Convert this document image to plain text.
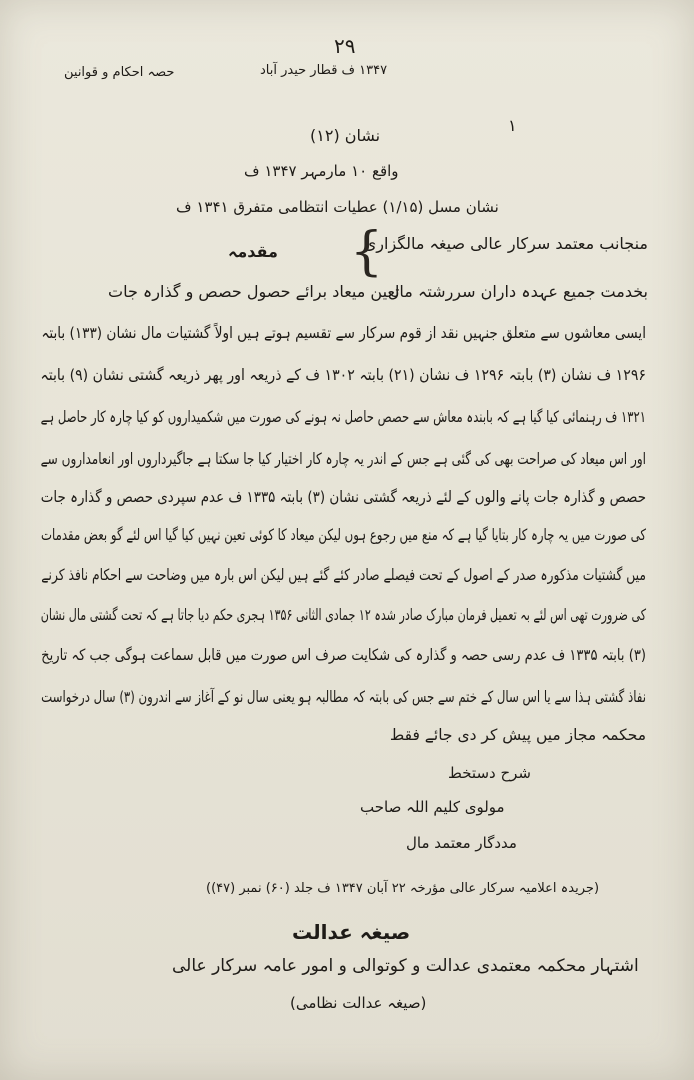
۲۹
حصہ احکام و قوانین	۱۳۴۷ ف قطار حیدر آباد
۱
نشان (۱۲)
واقع ۱۰ مارمہر ۱۳۴۷ ف
نشان مسل (۱/۱۵) عطیات انتظامی متفرق ۱۳۴۱ ف
منجانب معتمد سرکار عالی صیغہ مالگزاری
بخدمت جمیع عہدہ داران سررشتہ مال
}
مقدمہ
تعین میعاد برائے حصول حصص و گذارہ جات
ایسی معاشوں سے متعلق جنہیں نقد از قوم سرکار سے تقسیم ہوتے ہیں اولاً گشتیات مال نشان (۱۳۳) بابتہ
۱۲۹۶ ف نشان (۳) بابتہ ۱۲۹۶ ف نشان (۲۱) بابتہ ۱۳۰۲ ف کے ذریعہ اور پھر ذریعہ گشتی نشان (۹) بابتہ
۱۳۲۱ ف رہنمائی کیا گیا ہے کہ بابندہ معاش سے حصص حاصل نہ ہونے کی صورت میں شکمیداروں کو کیا چارہ کار حاصل ہے
اور اس میعاد کی صراحت بھی کی گئی ہے جس کے اندر یہ چارہ کار اختیار کیا جا سکتا ہے جاگیرداروں اور انعامداروں سے
حصص و گذارہ جات پانے والوں کے لئے ذریعہ گشتی نشان (۳) بابتہ ۱۳۳۵ ف عدم سپردی حصص و گذارہ جات
کی صورت میں یہ چارہ کار بتایا گیا ہے کہ منع میں رجوع ہوں لیکن میعاد کا کوئی تعین نہیں کیا گیا اس لئے گو بعض مقدمات
میں گشتیات مذکورہ صدر کے اصول کے تحت فیصلے صادر کئے گئے ہیں لیکن اس بارہ میں وضاحت سے احکام نافذ کرنے
کی ضرورت تھی اس لئے بہ تعمیل فرمان مبارک صادر شدہ ۱۲ جمادی الثانی ۱۳۵۶ ہجری حکم دیا جاتا ہے کہ تحت گشتی مال نشان
(۳) بابتہ ۱۳۳۵ ف عدم رسی حصہ و گذارہ کی شکایت صرف اس صورت میں قابل سماعت ہوگی جب کہ تاریخ
نفاذ گشتی ہذا سے یا اس سال کے ختم سے جس کی بابتہ کہ مطالبہ ہو یعنی سال نو کے آغاز سے اندرون (۳) سال درخواست
محکمہ مجاز میں پیش کر دی جائے فقط
شرح دستخط
مولوی کلیم اللہ صاحب
مددگار معتمد مال
(جریدہ اعلامیہ سرکار عالی مؤرخہ ۲۲ آبان ۱۳۴۷ ف جلد (۶۰) نمبر (۴۷))
صیغہ عدالت
اشتہار محکمہ معتمدی عدالت و کوتوالی و امور عامہ سرکار عالی
(صیغہ عدالت نظامی)
